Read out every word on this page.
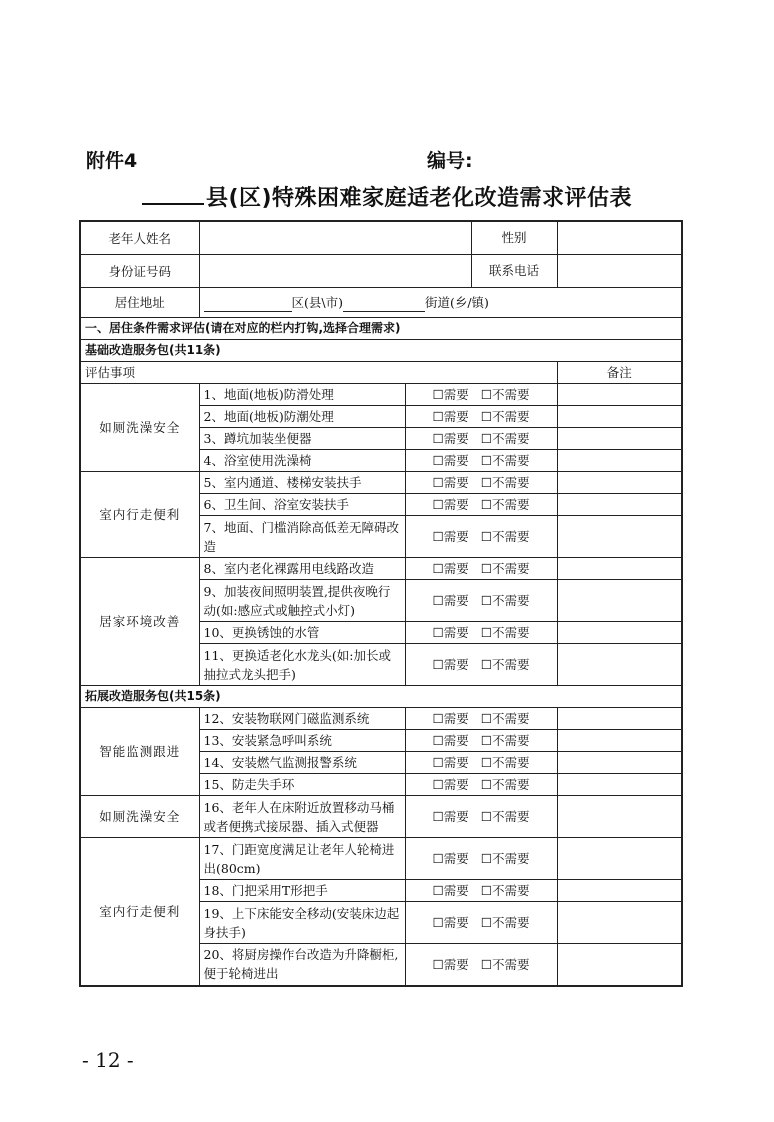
附件4	编号:
县(区)特殊困难家庭适老化改造需求评估表
老年人姓名	性别		

身份证号码	联系电话		

居住地址	区(县\市) 街道(乡/镇)		
一、居住条件需求评估(请在对应的栏内打钩,选择合理需求)			
基础改造服务包(共11条)			
评估事项			备注
如厕洗澡安全	1、地面(地板)防滑处理	☐需要 ☐不需要	
	2、地面(地板)防潮处理	☐需要 ☐不需要	
	3、蹲坑加装坐便器	☐需要 ☐不需要	
	4、浴室使用洗澡椅	☐需要 ☐不需要	
室内行走便利	5、室内通道、楼梯安装扶手	☐需要 ☐不需要	
	6、卫生间、浴室安装扶手	☐需要 ☐不需要	
	7、地面、门槛消除高低差无障碍改造	☐需要 ☐不需要	
居家环境改善	8、室内老化裸露用电线路改造	☐需要 ☐不需要	
	9、加装夜间照明装置,提供夜晚行动(如:感应式或触控式小灯)	☐需要 ☐不需要	
	10、更换锈蚀的水管	☐需要 ☐不需要	
	11、更换适老化水龙头(如:加长或抽拉式龙头把手)	☐需要 ☐不需要	
拓展改造服务包(共15条)			
智能监测跟进	12、安装物联网门磁监测系统	☐需要 ☐不需要	
	13、安装紧急呼叫系统	☐需要 ☐不需要	
	14、安装燃气监测报警系统	☐需要 ☐不需要	
	15、防走失手环	☐需要 ☐不需要	
如厕洗澡安全	16、老年人在床附近放置移动马桶或者便携式接尿器、插入式便器	☐需要 ☐不需要	
室内行走便利	17、门距宽度满足让老年人轮椅进出(80cm)	☐需要 ☐不需要	
	18、门把采用T形把手	☐需要 ☐不需要	
	19、上下床能安全移动(安装床边起身扶手)	☐需要 ☐不需要	
	20、将厨房操作台改造为升降橱柜,便于轮椅进出	☐需要 ☐不需要	
- 12 -
